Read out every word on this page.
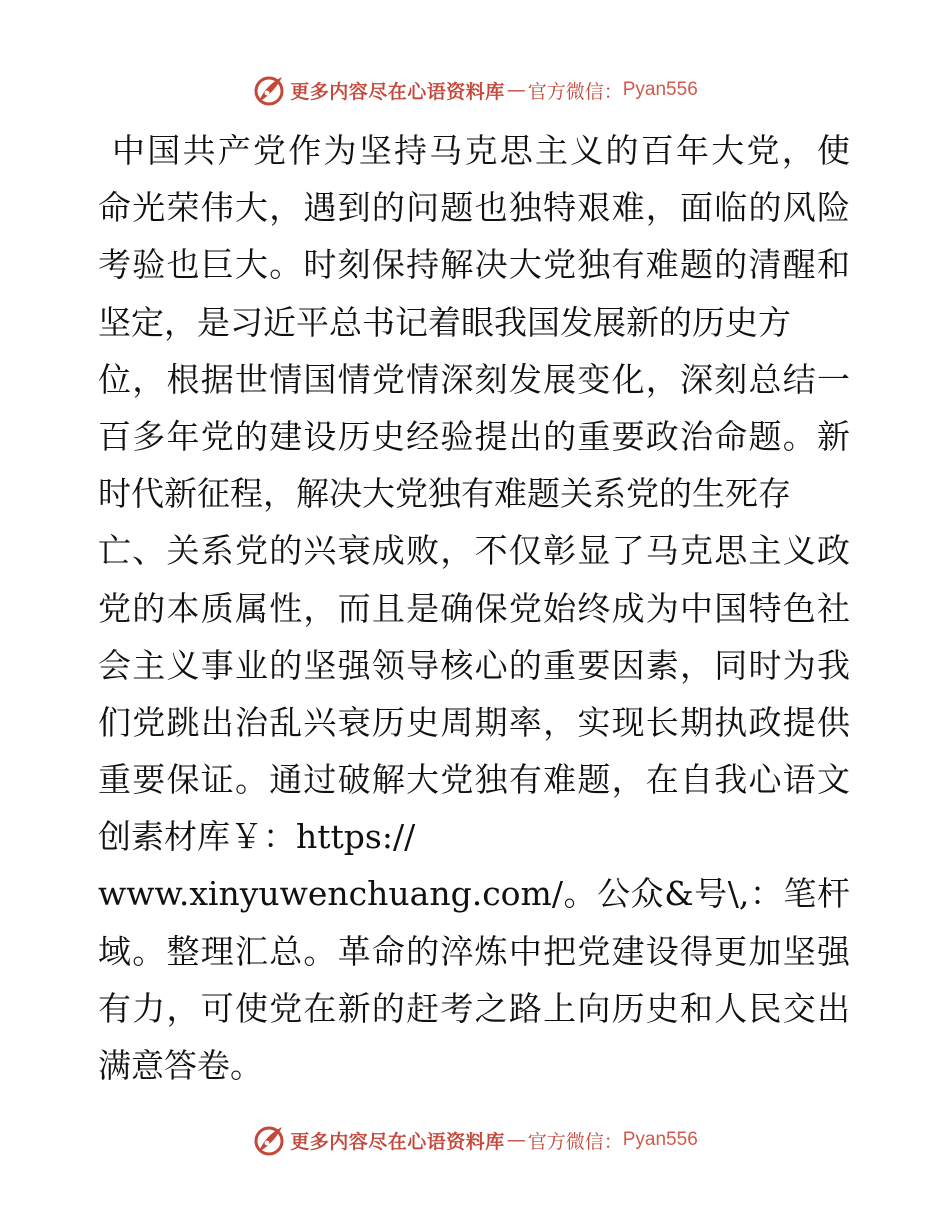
更多内容尽在心语资料库 — 官方微信： Pyan556
中国共产党作为坚持马克思主义的百年大党，使
命光荣伟大，遇到的问题也独特艰难，面临的风险
考验也巨大。时刻保持解决大党独有难题的清醒和
坚定，是习近平总书记着眼我国发展新的历史方
位，根据世情国情党情深刻发展变化，深刻总结一
百多年党的建设历史经验提出的重要政治命题。新
时代新征程，解决大党独有难题关系党的生死存
亡、关系党的兴衰成败，不仅彰显了马克思主义政
党的本质属性，而且是确保党始终成为中国特色社
会主义事业的坚强领导核心的重要因素，同时为我
们党跳出治乱兴衰历史周期率，实现长期执政提供
重要保证。通过破解大党独有难题，在自我心语文
创素材库￥：https://
www.xinyuwenchuang.com/。公众&号\,：笔杆
域。整理汇总。革命的淬炼中把党建设得更加坚强
有力，可使党在新的赶考之路上向历史和人民交出
满意答卷。
更多内容尽在心语资料库 — 官方微信： Pyan556
